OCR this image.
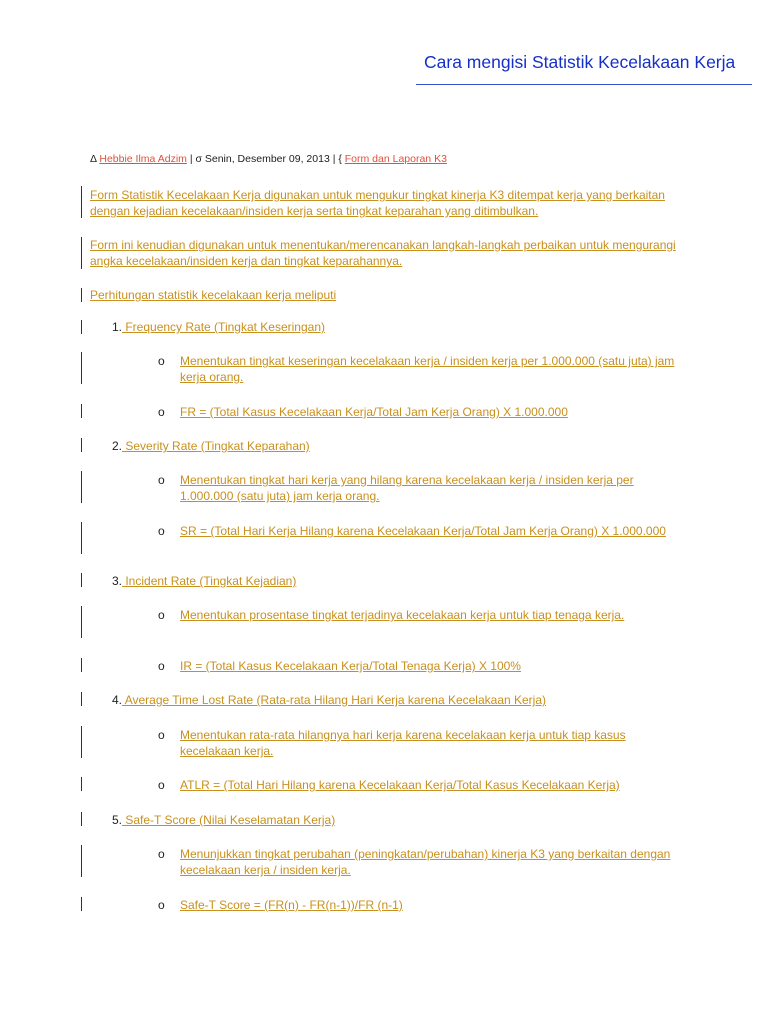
Cara mengisi Statistik Kecelakaan Kerja
Δ Hebbie Ilma Adzim | σ Senin, Desember 09, 2013 | { Form dan Laporan K3
Form Statistik Kecelakaan Kerja digunakan untuk mengukur tingkat kinerja K3 ditempat kerja yang berkaitan dengan kejadian kecelakaan/insiden kerja serta tingkat keparahan yang ditimbulkan.
Form ini kenudian digunakan untuk menentukan/merencanakan langkah-langkah perbaikan untuk mengurangi angka kecelakaan/insiden kerja dan tingkat keparahannya.
Perhitungan statistik kecelakaan kerja meliputi
1. Frequency Rate (Tingkat Keseringan)
o Menentukan tingkat keseringan kecelakaan kerja / insiden kerja per 1.000.000 (satu juta) jam kerja orang.
o FR = (Total Kasus Kecelakaan Kerja/Total Jam Kerja Orang) X 1.000.000
2. Severity Rate (Tingkat Keparahan)
o Menentukan tingkat hari kerja yang hilang karena kecelakaan kerja / insiden kerja per 1.000.000 (satu juta) jam kerja orang.
o SR = (Total Hari Kerja Hilang karena Kecelakaan Kerja/Total Jam Kerja Orang) X 1.000.000
3. Incident Rate (Tingkat Kejadian)
o Menentukan prosentase tingkat terjadinya kecelakaan kerja untuk tiap tenaga kerja.
o IR = (Total Kasus Kecelakaan Kerja/Total Tenaga Kerja) X 100%
4. Average Time Lost Rate (Rata-rata Hilang Hari Kerja karena Kecelakaan Kerja)
o Menentukan rata-rata hilangnya hari kerja karena kecelakaan kerja untuk tiap kasus kecelakaan kerja.
o ATLR = (Total Hari Hilang karena Kecelakaan Kerja/Total Kasus Kecelakaan Kerja)
5. Safe-T Score (Nilai Keselamatan Kerja)
o Menunjukkan tingkat perubahan (peningkatan/perubahan) kinerja K3 yang berkaitan dengan kecelakaan kerja / insiden kerja.
o Safe-T Score = (FR(n) - FR(n-1))/FR (n-1)
